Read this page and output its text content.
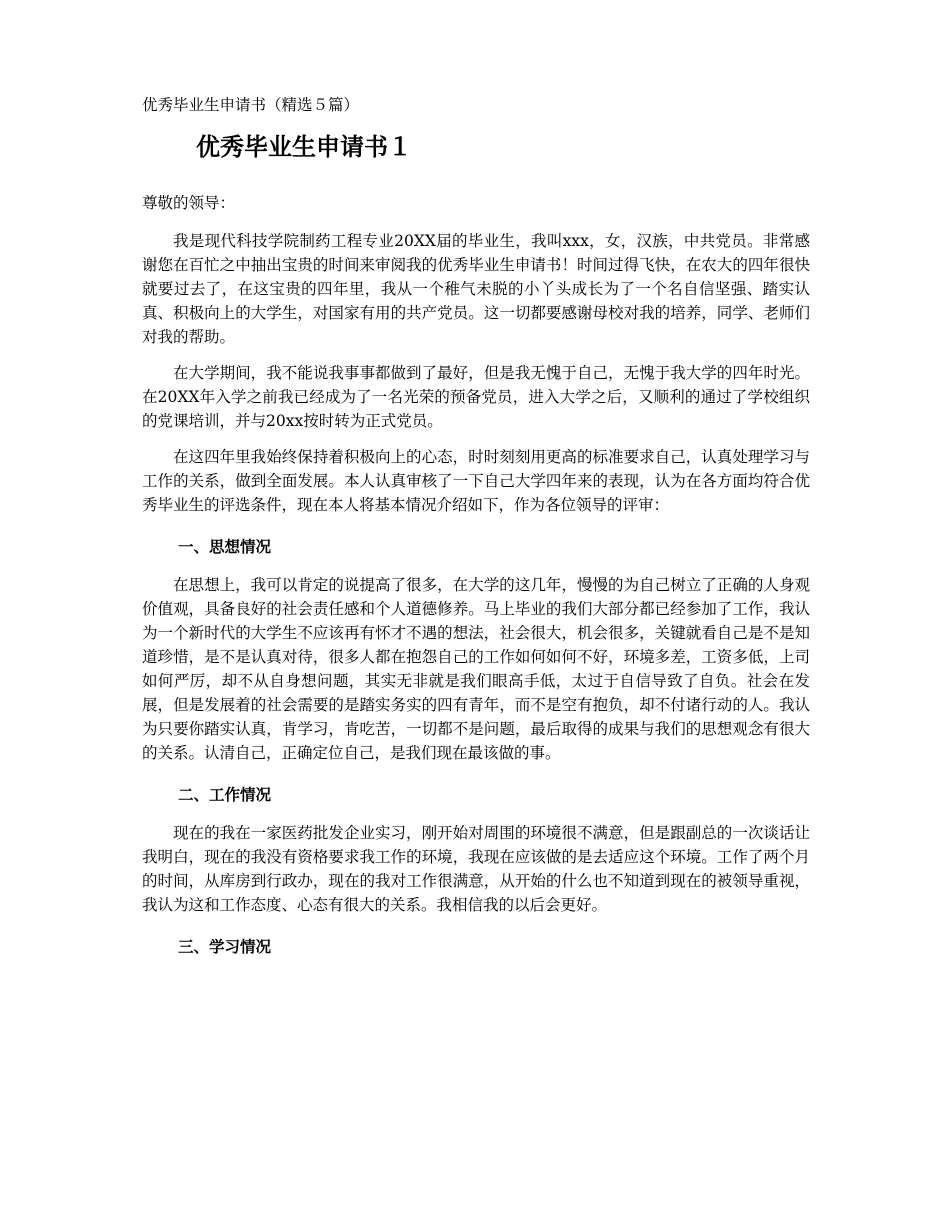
优秀毕业生申请书（精选５篇）
优秀毕业生申请书１
尊敬的领导：

我是现代科技学院制药工程专业20XX届的毕业生，我叫xxx，女，汉族，中共党员。非常感谢您在百忙之中抽出宝贵的时间来审阅我的优秀毕业生申请书！时间过得飞快，在农大的四年很快就要过去了，在这宝贵的四年里，我从一个稚气未脱的小丫头成长为了一个名自信坚强、踏实认真、积极向上的大学生，对国家有用的共产党员。这一切都要感谢母校对我的培养，同学、老师们对我的帮助。

在大学期间，我不能说我事事都做到了最好，但是我无愧于自己，无愧于我大学的四年时光。在20XX年入学之前我已经成为了一名光荣的预备党员，进入大学之后，又顺利的通过了学校组织的党课培训，并与20xx按时转为正式党员。

在这四年里我始终保持着积极向上的心态，时时刻刻用更高的标准要求自己，认真处理学习与工作的关系，做到全面发展。本人认真审核了一下自己大学四年来的表现，认为在各方面均符合优秀毕业生的评选条件，现在本人将基本情况介绍如下，作为各位领导的评审：

一、思想情况

在思想上，我可以肯定的说提高了很多，在大学的这几年，慢慢的为自己树立了正确的人身观价值观，具备良好的社会责任感和个人道德修养。马上毕业的我们大部分都已经参加了工作，我认为一个新时代的大学生不应该再有怀才不遇的想法，社会很大，机会很多，关键就看自己是不是知道珍惜，是不是认真对待，很多人都在抱怨自己的工作如何如何不好，环境多差，工资多低，上司如何严厉，却不从自身想问题，其实无非就是我们眼高手低，太过于自信导致了自负。社会在发展，但是发展着的社会需要的是踏实务实的四有青年，而不是空有抱负，却不付诸行动的人。我认为只要你踏实认真，肯学习，肯吃苦，一切都不是问题，最后取得的成果与我们的思想观念有很大的关系。认清自己，正确定位自己，是我们现在最该做的事。

二、工作情况

现在的我在一家医药批发企业实习，刚开始对周围的环境很不满意，但是跟副总的一次谈话让我明白，现在的我没有资格要求我工作的环境，我现在应该做的是去适应这个环境。工作了两个月的时间，从库房到行政办，现在的我对工作很满意，从开始的什么也不知道到现在的被领导重视，我认为这和工作态度、心态有很大的关系。我相信我的以后会更好。

三、学习情况
